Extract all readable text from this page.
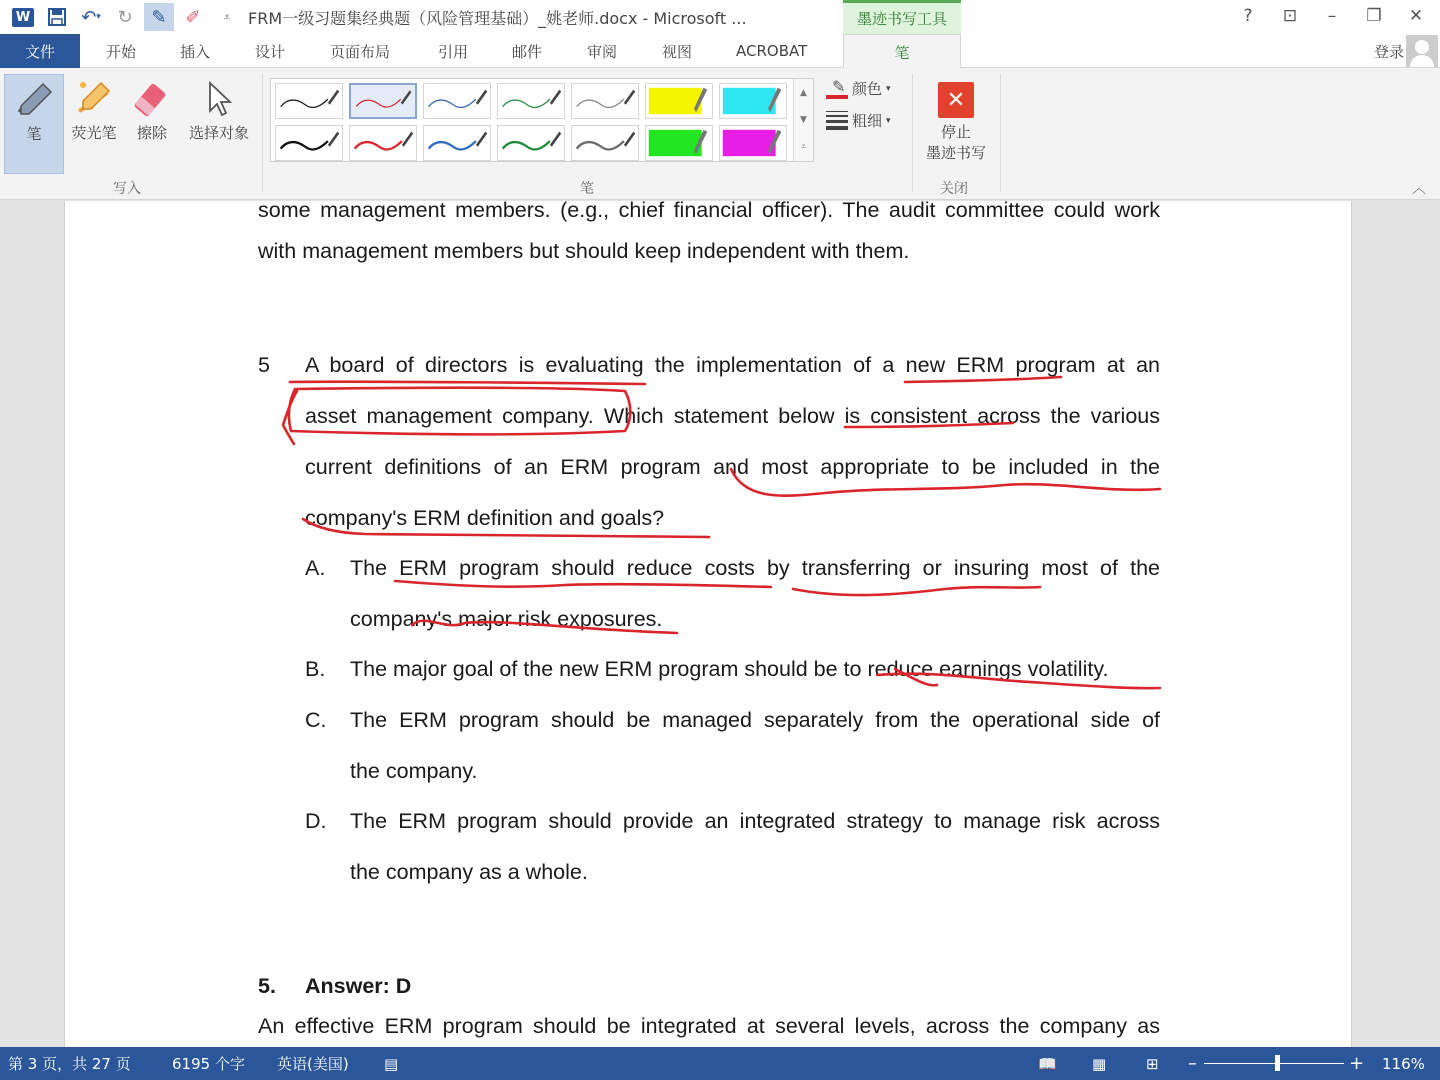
W	↶ ▾ ↻	✎	✐	⩡	FRM一级习题集经典题（风险管理基础）_姚老师.docx - Microsoft ...	墨迹书写工具	?	⊡	–	❐	✕
文件	开始	插入	设计	页面布局	引用	邮件	审阅	视图	ACROBAT	笔	登录
笔	荧光笔	擦除	选择对象
写入
▲
▼
⩡
✎ 颜色 ▾
粗细 ▾
笔
✕
停止
墨迹书写
关闭	︿
some management members. (e.g., chief financial officer). The audit committee could work
with management members but should keep independent with them.
5 A board of directors is evaluating the implementation of a new ERM program at an
asset management company. Which statement below is consistent across the various
current definitions of an ERM program and most appropriate to be included in the
company's ERM definition and goals?
A. The ERM program should reduce costs by transferring or insuring most of the
company's major risk exposures.
B. The major goal of the new ERM program should be to reduce earnings volatility.
C. The ERM program should be managed separately from the operational side of
the company.
D. The ERM program should provide an integrated strategy to manage risk across
the company as a whole.
5. Answer: D
An effective ERM program should be integrated at several levels, across the company as
第 3 页，共 27 页	6195 个字 英语(美国) ▤	📖 ▦	⊞ –	+ 116%
